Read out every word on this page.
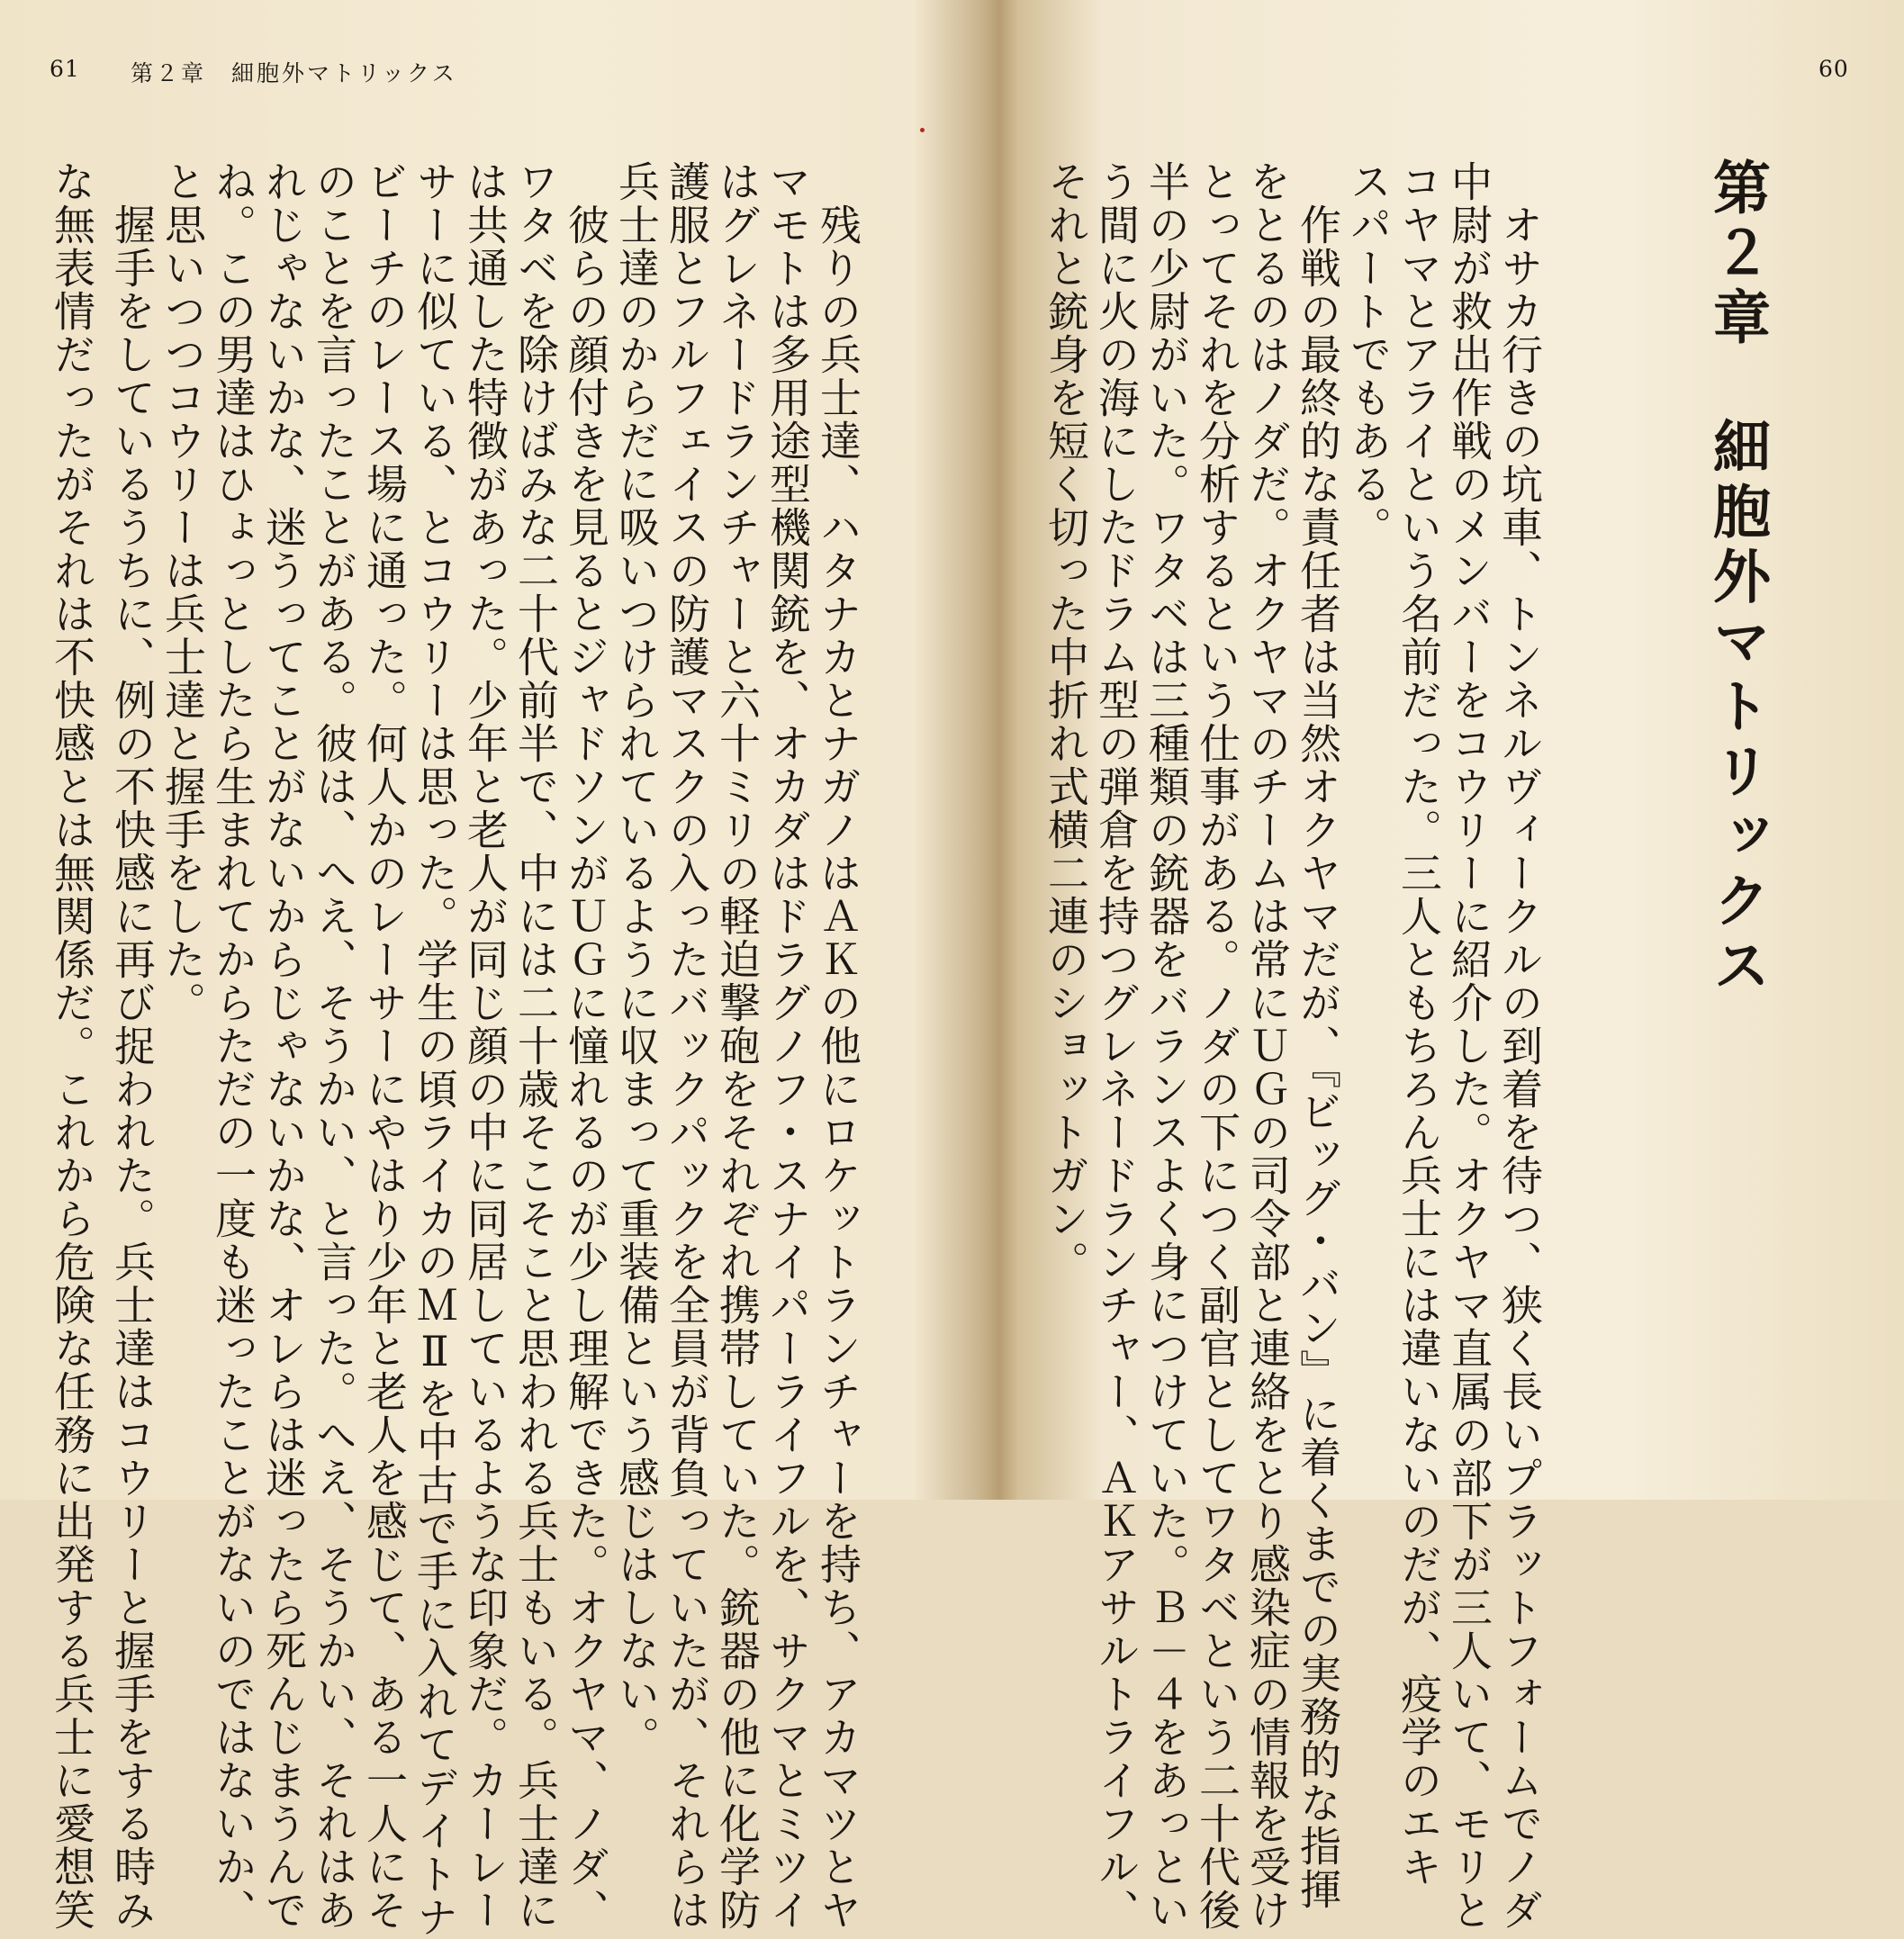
61 第２章　細胞外マトリックス
　残りの兵士達、ハタナカとナガノはＡＫの他にロケットランチャーを持ち、アカマツとヤ
マモトは多用途型機関銃を、オカダはドラグノフ・スナイパーライフルを、サクマとミツイ
はグレネードランチャーと六十ミリの軽迫撃砲をそれぞれ携帯していた。銃器の他に化学防
護服とフルフェイスの防護マスクの入ったバックパックを全員が背負っていたが、それらは
兵士達のからだに吸いつけられているように収まって重装備という感じはしない。
　彼らの顔付きを見るとジャドソンがＵＧに憧れるのが少し理解できた。オクヤマ、ノダ、
ワタベを除けばみな二十代前半で、中には二十歳そこそこと思われる兵士もいる。兵士達に
は共通した特徴があった。少年と老人が同じ顔の中に同居しているような印象だ。カーレー
サーに似ている、とコウリーは思った。学生の頃ライカのＭⅡを中古で手に入れてデイトナ
ビーチのレース場に通った。何人かのレーサーにやはり少年と老人を感じて、ある一人にそ
のことを言ったことがある。彼は、へえ、そうかい、と言った。へえ、そうかい、それはあ
れじゃないかな、迷うってことがないからじゃないかな、オレらは迷ったら死んじまうんで
ね。この男達はひょっとしたら生まれてからただの一度も迷ったことがないのではないか、
と思いつつコウリーは兵士達と握手をした。
　握手をしているうちに、例の不快感に再び捉われた。兵士達はコウリーと握手をする時み
な無表情だったがそれは不快感とは無関係だ。これから危険な任務に出発する兵士に愛想笑
60
第２章　細胞外マトリックス
　オサカ行きの坑車、トンネルヴィークルの到着を待つ、狭く長いプラットフォームでノダ
中尉が救出作戦のメンバーをコウリーに紹介した。オクヤマ直属の部下が三人いて、モリと
コヤマとアライという名前だった。三人ともちろん兵士には違いないのだが、疫学のエキ
スパートでもある。
　作戦の最終的な責任者は当然オクヤマだが、『ビッグ・バン』に着くまでの実務的な指揮
をとるのはノダだ。オクヤマのチームは常にＵＧの司令部と連絡をとり感染症の情報を受け
とってそれを分析するという仕事がある。ノダの下につく副官としてワタベという二十代後
半の少尉がいた。ワタベは三種類の銃器をバランスよく身につけていた。Ｂ－４をあっとい
う間に火の海にしたドラム型の弾倉を持つグレネードランチャー、ＡＫアサルトライフル、
それと銃身を短く切った中折れ式横二連のショットガン。
